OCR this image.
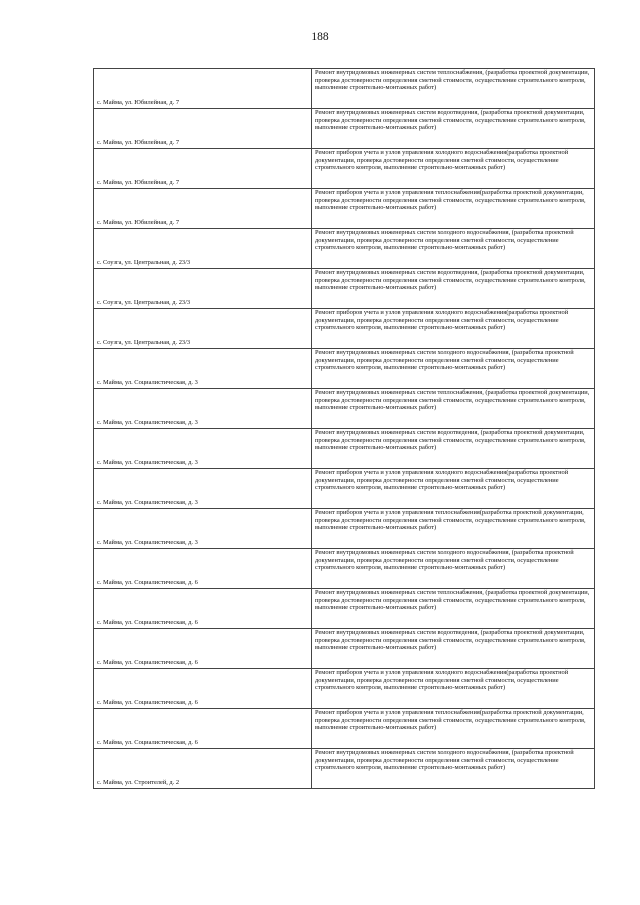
188
с. Майма, ул. Юбилейная, д. 7	Ремонт внутридомовых инженерных систем теплоснабжения, (разработка проектной документации, проверка достоверности определения сметной стоимости, осуществление строительного контроля, выполнение строительно-монтажных работ)
с. Майма, ул. Юбилейная, д. 7	Ремонт внутридомовых инженерных систем водоотведения, (разработка проектной документации, проверка достоверности определения сметной стоимости, осуществление строительного контроля, выполнение строительно-монтажных работ)
с. Майма, ул. Юбилейная, д. 7	Ремонт приборов учета и узлов управления холодного водоснабжения(разработка проектной документации, проверка достоверности определения сметной стоимости, осуществление строительного контроля, выполнение строительно-монтажных работ)
с. Майма, ул. Юбилейная, д. 7	Ремонт приборов учета и узлов управления теплоснабжения(разработка проектной документации, проверка достоверности определения сметной стоимости, осуществление строительного контроля, выполнение строительно-монтажных работ)
с. Соузга, ул. Центральная, д. 23/3	Ремонт внутридомовых инженерных систем холодного водоснабжения, (разработка проектной документации, проверка достоверности определения сметной стоимости, осуществление строительного контроля, выполнение строительно-монтажных работ)
с. Соузга, ул. Центральная, д. 23/3	Ремонт внутридомовых инженерных систем водоотведения, (разработка проектной документации, проверка достоверности определения сметной стоимости, осуществление строительного контроля, выполнение строительно-монтажных работ)
с. Соузга, ул. Центральная, д. 23/3	Ремонт приборов учета и узлов управления холодного водоснабжения(разработка проектной документации, проверка достоверности определения сметной стоимости, осуществление строительного контроля, выполнение строительно-монтажных работ)
с. Майма, ул. Социалистическая, д. 3	Ремонт внутридомовых инженерных систем холодного водоснабжения, (разработка проектной документации, проверка достоверности определения сметной стоимости, осуществление строительного контроля, выполнение строительно-монтажных работ)
с. Майма, ул. Социалистическая, д. 3	Ремонт внутридомовых инженерных систем теплоснабжения, (разработка проектной документации, проверка достоверности определения сметной стоимости, осуществление строительного контроля, выполнение строительно-монтажных работ)
с. Майма, ул. Социалистическая, д. 3	Ремонт внутридомовых инженерных систем водоотведения, (разработка проектной документации, проверка достоверности определения сметной стоимости, осуществление строительного контроля, выполнение строительно-монтажных работ)
с. Майма, ул. Социалистическая, д. 3	Ремонт приборов учета и узлов управления холодного водоснабжения(разработка проектной документации, проверка достоверности определения сметной стоимости, осуществление строительного контроля, выполнение строительно-монтажных работ)
с. Майма, ул. Социалистическая, д. 3	Ремонт приборов учета и узлов управления теплоснабжения(разработка проектной документации, проверка достоверности определения сметной стоимости, осуществление строительного контроля, выполнение строительно-монтажных работ)
с. Майма, ул. Социалистическая, д. 6	Ремонт внутридомовых инженерных систем холодного водоснабжения, (разработка проектной документации, проверка достоверности определения сметной стоимости, осуществление строительного контроля, выполнение строительно-монтажных работ)
с. Майма, ул. Социалистическая, д. 6	Ремонт внутридомовых инженерных систем теплоснабжения, (разработка проектной документации, проверка достоверности определения сметной стоимости, осуществление строительного контроля, выполнение строительно-монтажных работ)
с. Майма, ул. Социалистическая, д. 6	Ремонт внутридомовых инженерных систем водоотведения, (разработка проектной документации, проверка достоверности определения сметной стоимости, осуществление строительного контроля, выполнение строительно-монтажных работ)
с. Майма, ул. Социалистическая, д. 6	Ремонт приборов учета и узлов управления холодного водоснабжения(разработка проектной документации, проверка достоверности определения сметной стоимости, осуществление строительного контроля, выполнение строительно-монтажных работ)
с. Майма, ул. Социалистическая, д. 6	Ремонт приборов учета и узлов управления теплоснабжения(разработка проектной документации, проверка достоверности определения сметной стоимости, осуществление строительного контроля, выполнение строительно-монтажных работ)
с. Майма, ул. Строителей, д. 2	Ремонт внутридомовых инженерных систем холодного водоснабжения, (разработка проектной документации, проверка достоверности определения сметной стоимости, осуществление строительного контроля, выполнение строительно-монтажных работ)
